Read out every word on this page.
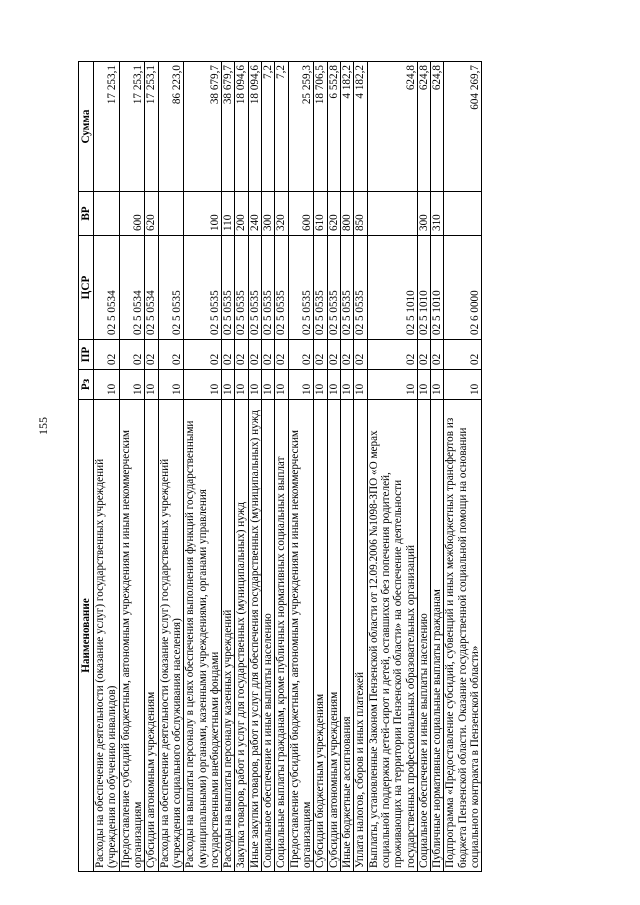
155
Наименование	Рз	ПР	ЦСР	ВР	Сумма
Расходы на обеспечение деятельности (оказание услуг) государственных учреждений (учреждения по обучению инвалидов)	10	02	02 5 0534		17 253,1
Предоставление субсидий бюджетным, автономным учреждениям и иным некоммерческим организациям	10	02	02 5 0534	600	17 253,1
Субсидии автономным учреждениям	10	02	02 5 0534	620	17 253,1
Расходы на обеспечение деятельности (оказание услуг) государственных учреждений (учреждения социального обслуживания населения)	10	02	02 5 0535		86 223,0
Расходы на выплаты персоналу в целях обеспечения выполнения функций государственными (муниципальными) органами, казенными учреждениями, органами управления государственными внебюджетными фондами	10	02	02 5 0535	100	38 679,7
Расходы на выплаты персоналу казенных учреждений	10	02	02 5 0535	110	38 679,7
Закупка товаров, работ и услуг для государственных (муниципальных) нужд	10	02	02 5 0535	200	18 094,6
Иные закупки товаров, работ и услуг для обеспечения государственных (муниципальных) нужд	10	02	02 5 0535	240	18 094,6
Социальное обеспечение и иные выплаты населению	10	02	02 5 0535	300	7,2
Социальные выплаты гражданам, кроме публичных нормативных социальных выплат	10	02	02 5 0535	320	7,2
Предоставление субсидий бюджетным, автономным учреждениям и иным некоммерческим организациям	10	02	02 5 0535	600	25 259,3
Субсидии бюджетным учреждениям	10	02	02 5 0535	610	18 706,5
Субсидии автономным учреждениям	10	02	02 5 0535	620	6 552,8
Иные бюджетные ассигнования	10	02	02 5 0535	800	4 182,2
Уплата налогов, сборов и иных платежей	10	02	02 5 0535	850	4 182,2
Выплаты, установленные Законом Пензенской области от 12.09.2006 №1098-ЗПО «О мерах социальной поддержки детей-сирот и детей, оставшихся без попечения родителей, проживающих на территории Пензенской области» на обеспечение деятельности государственных профессиональных образовательных организаций	10	02	02 5 1010		624,8
Социальное обеспечение и иные выплаты населению	10	02	02 5 1010	300	624,8
Публичные нормативные социальные выплаты гражданам	10	02	02 5 1010	310	624,8
Подпрограмма «Предоставление субсидий, субвенций и иных межбюджетных трансфертов из бюджета Пензенской области. Оказание государственной социальной помощи на основании социального контракта в Пензенской области»	10	02	02 6 0000		604 269,7
